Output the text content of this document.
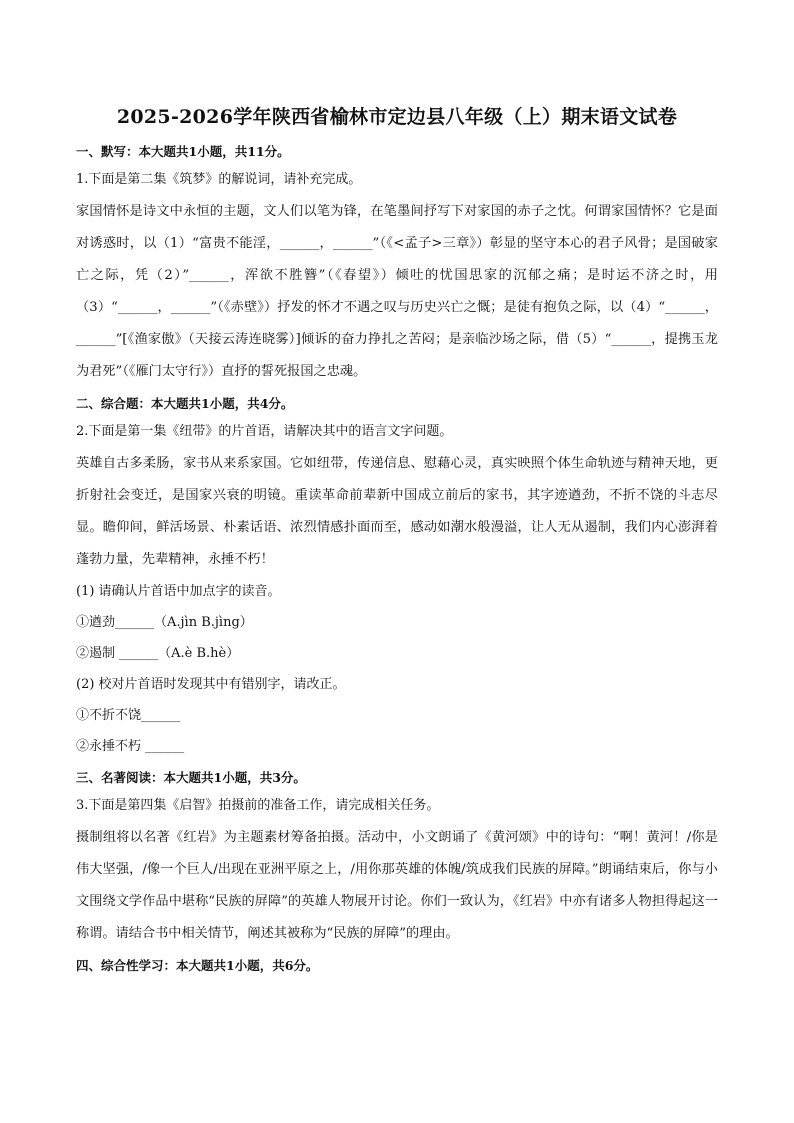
2025-2026学年陕西省榆林市定边县八年级（上）期末语文试卷

一、默写：本大题共1小题，共11分。

1.下面是第二集《筑梦》的解说词，请补充完成。

家国情怀是诗文中永恒的主题，文人们以笔为锋，在笔墨间抒写下对家国的赤子之忱。何谓家国情怀？它是面对诱惑时，以（1）“富贵不能淫，______，______”（《<孟子>三章》）彰显的坚守本心的君子风骨；是国破家亡之际，凭（2）”______，浑欲不胜簪”（《春望》）倾吐的忧国思家的沉郁之痛；是时运不济之时，用（3）“______，______”（《赤壁》）抒发的怀才不遇之叹与历史兴亡之慨；是徒有抱负之际，以（4）“______，______”[《渔家傲》（天接云涛连晓雾）]倾诉的奋力挣扎之苦闷；是亲临沙场之际，借（5）“______，提携玉龙为君死”（《雁门太守行》）直抒的誓死报国之忠魂。

二、综合题：本大题共1小题，共4分。

2.下面是第一集《纽带》的片首语，请解决其中的语言文字问题。

英雄自古多柔肠，家书从来系家国。它如纽带，传递信息、慰藉心灵，真实映照个体生命轨迹与精神天地，更折射社会变迁，是国家兴衰的明镜。重读革命前辈新中国成立前后的家书，其字迹遒劲，不折不饶的斗志尽显。瞻仰间，鲜活场景、朴素话语、浓烈情感扑面而至，感动如潮水般漫溢，让人无从遏制，我们内心澎湃着蓬勃力量，先辈精神，永捶不朽！

(1) 请确认片首语中加点字的读音。

①遒劲______（A.jìn B.jìng）

②遏制 ______（A.è B.hè）

(2) 校对片首语时发现其中有错别字，请改正。

①不折不饶______

②永捶不朽 ______

三、名著阅读：本大题共1小题，共3分。

3.下面是第四集《启智》拍摄前的准备工作，请完成相关任务。

摄制组将以名著《红岩》为主题素材筹备拍摄。活动中，小文朗诵了《黄河颂》中的诗句：“啊！黄河！/你是伟大坚强，/像一个巨人/出现在亚洲平原之上，/用你那英雄的体魄/筑成我们民族的屏障。”朗诵结束后，你与小文围绕文学作品中堪称“民族的屏障”的英雄人物展开讨论。你们一致认为，《红岩》中亦有诸多人物担得起这一称谓。请结合书中相关情节，阐述其被称为“民族的屏障”的理由。

四、综合性学习：本大题共1小题，共6分。
